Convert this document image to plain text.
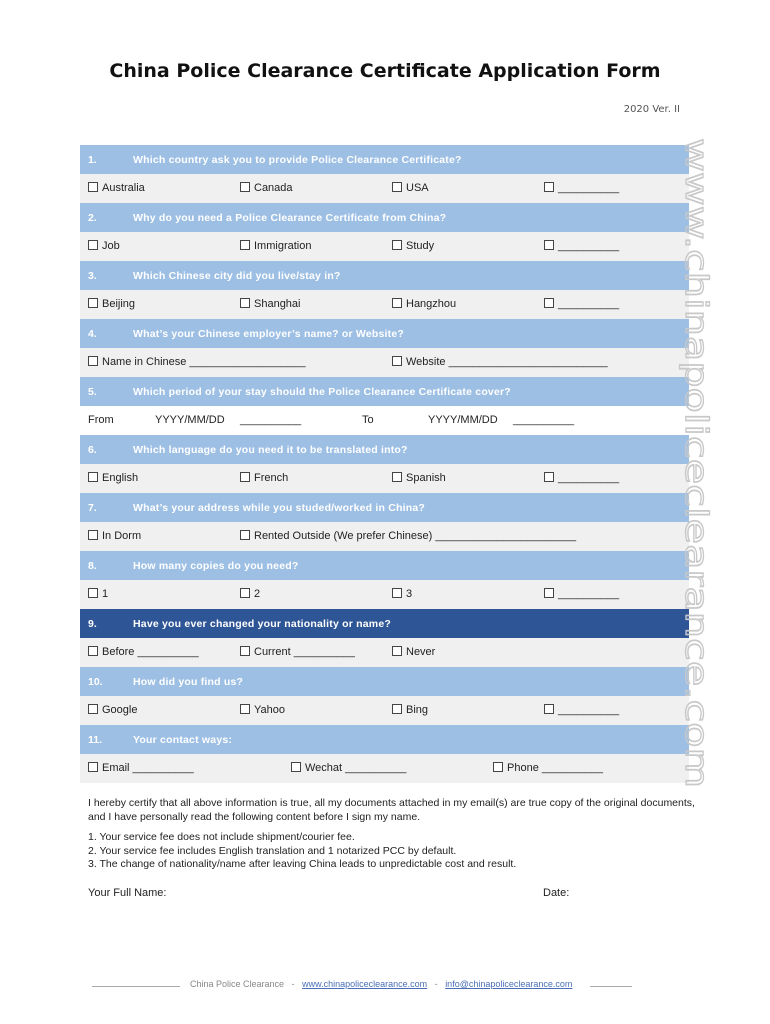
China Police Clearance Certificate Application Form
2020 Ver. II
1.	Which country ask you to provide Police Clearance Certificate?
Australia	Canada	USA	__________
2.	Why do you need a Police Clearance Certificate from China?
Job	Immigration	Study	__________
3.	Which Chinese city did you live/stay in?
Beijing	Shanghai	Hangzhou	__________
4.	What’s your Chinese employer’s name? or Website?
Name in Chinese ___________________	Website __________________________
5.	Which period of your stay should the Police Clearance Certificate cover?
From	YYYY/MM/DD __________	To	YYYY/MM/DD __________
6.	Which language do you need it to be translated into?
English	French	Spanish	__________
7.	What’s your address while you studed/worked in China?
In Dorm	Rented Outside (We prefer Chinese) _______________________
8.	How many copies do you need?
1	2	3	__________
9.	Have you ever changed your nationality or name?
Before __________	Current __________	Never
10.	How did you find us?
Google	Yahoo	Bing	__________
11.	Your contact ways:
Email __________	Wechat __________	Phone __________
www.chinapoliceclearance.com
I hereby certify that all above information is true, all my documents attached in my email(s) are true copy of the original documents, and I have personally read the following content before I sign my name.
1. Your service fee does not include shipment/courier fee.
2. Your service fee includes English translation and 1 notarized PCC by default.
3. The change of nationality/name after leaving China leads to unpredictable cost and result.
Your Full Name:	Date:
China Police Clearance - www.chinapoliceclearance.com - info@chinapoliceclearance.com
